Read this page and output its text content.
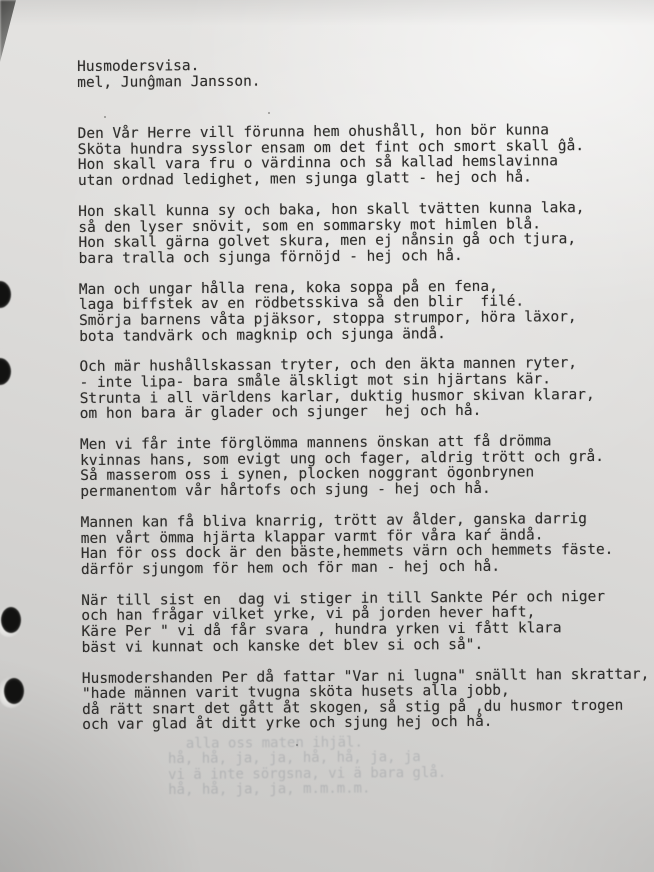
Husmodersvisa.
mel, Junĝman Jansson.
Den Vår Herre vill förunna hem ohushåll, hon bör kunna
Sköta hundra sysslor ensam om det fint och smort skall ĝå.
Hon skall vara fru o värdinna och så kallad hemslavinna
utan ordnad ledighet, men sjunga glatt - hej och hå.
Hon skall kunna sy och baka, hon skall tvätten kunna laka,
så den lyser snövit, som en sommarsky mot himlen blå.
Hon skall gärna golvet skura, men ej nånsin gå och tjura,
bara tralla och sjunga förnöjd - hej och hå.
Man och ungar hålla rena, koka soppa på en fena,
laga biffstek av en rödbetsskiva så den blir  filé.
Smörja barnens våta pjäksor, stoppa strumpor, höra läxor,
bota tandvärk och magknip och sjunga ändå.
Och mär hushållskassan tryter, och den äkta mannen ryter,
- inte lipa- bara småle älskligt mot sin hjärtans kär.
Strunta i all världens karlar, duktig husmor skivan klarar,
om hon bara är glader och sjunger  hej och hå.
Men vi får inte förglömma mannens önskan att få drömma
kvinnas hans, som evigt ung och fager, aldrig trött och grå.
Så masserom oss i synen, plocken noggrant ögonbrynen
permanentom vår hårtofs och sjung - hej och hå.
Mannen kan få bliva knarrig, trött av ålder, ganska darrig
men vårt ömma hjärta klappar varmt för våra kaŕ ändå.
Han för oss dock är den bäste,hemmets värn och hemmets fäste.
därför sjungom för hem och för man - hej och hå.
När till sist en  dag vi stiger in till Sankte Pér och niger
och han frågar vilket yrke, vi på jorden hever haft,
Käre Per " vi då får svara , hundra yrken vi fått klara
bäst vi kunnat och kanske det blev si och så".
Husmodershanden Per då fattar "Var ni lugna" snällt han skrattar,
"hade männen varit tvugna sköta husets alla jobb,
då rätt snart det gått åt skogen, så stig på ,du husmor trogen
och var glad åt ditt yrke och sjung hej och hå.
alla oss maten ihjäl.
hå, hå, ja, ja, hå, hå, ja, ja
vi ä inte sörgsna, vi ä bara glå.
hå, hå, ja, ja, m.m.m.m.
